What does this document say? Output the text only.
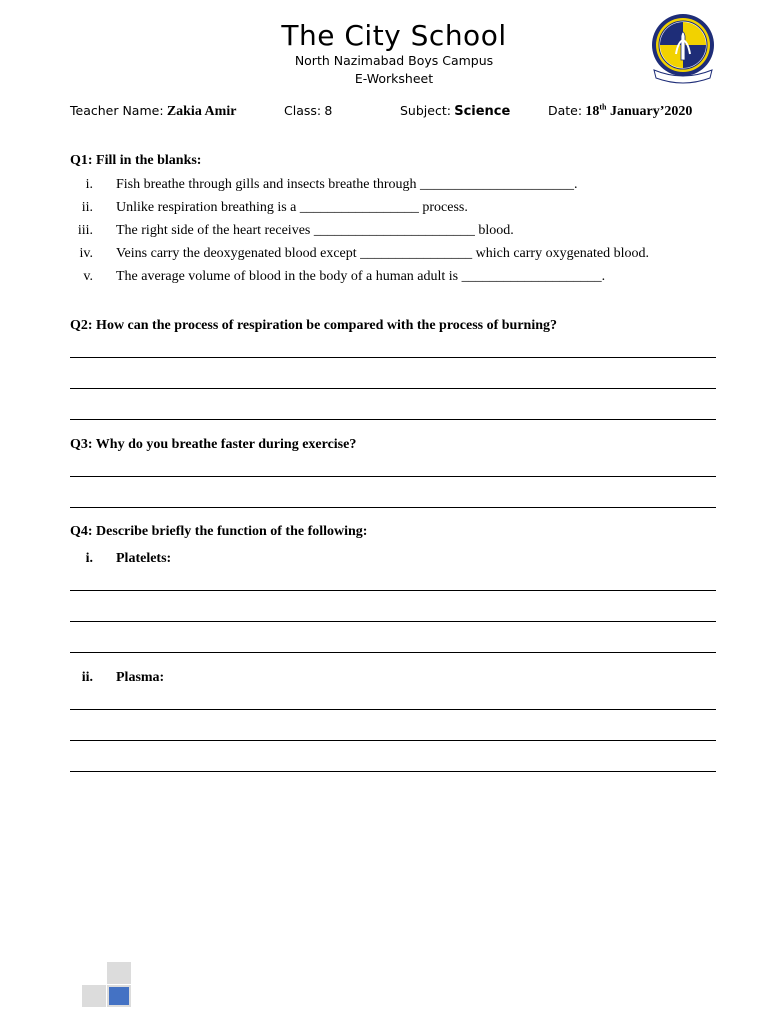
The City School
North Nazimabad Boys Campus
E-Worksheet
Teacher Name: Zakia Amir	Class: 8	Subject: Science	Date: 18th January’2020
Q1: Fill in the blanks:
i. Fish breathe through gills and insects breathe through ______________________.
ii. Unlike respiration breathing is a _________________ process.
iii. The right side of the heart receives _______________________ blood.
iv. Veins carry the deoxygenated blood except ________________ which carry oxygenated blood.
v. The average volume of blood in the body of a human adult is ____________________.
Q2: How can the process of respiration be compared with the process of burning?
Q3: Why do you breathe faster during exercise?
Q4: Describe briefly the function of the following:
i. Platelets:
ii. Plasma:
